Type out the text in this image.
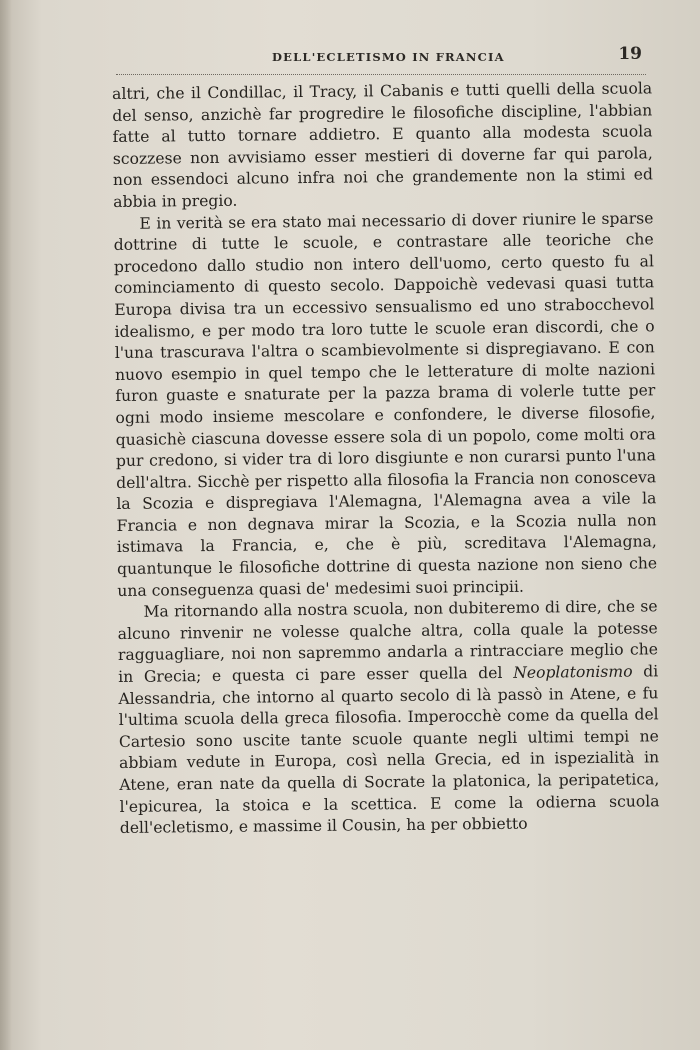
DELL'ECLETISMO IN FRANCIA	19

altri, che il Condillac, il Tracy, il Cabanis e tutti quelli della scuola del senso, anzichè far progredire le filosofiche discipline, l'abbian fatte al tutto tornare addietro. E quanto alla modesta scuola scozzese non avvisiamo esser mestieri di doverne far qui parola, non essendoci alcuno infra noi che grandemente non la stimi ed abbia in pregio.

E in verità se era stato mai necessario di dover riunire le sparse dottrine di tutte le scuole, e contrastare alle teoriche che procedono dallo studio non intero dell'uomo, certo questo fu al cominciamento di questo secolo. Dappoichè vedevasi quasi tutta Europa divisa tra un eccessivo sensualismo ed uno strabocchevol idealismo, e per modo tra loro tutte le scuole eran discordi, che o l'una trascurava l'altra o scambievolmente si dispregiavano. E con nuovo esempio in quel tempo che le letterature di molte nazioni furon guaste e snaturate per la pazza brama di volerle tutte per ogni modo insieme mescolare e confondere, le diverse filosofie, quasichè ciascuna dovesse essere sola di un popolo, come molti ora pur credono, si vider tra di loro disgiunte e non curarsi punto l'una dell'altra. Sicchè per rispetto alla filosofia la Francia non conosceva la Scozia e dispregiava l'Alemagna, l'Alemagna avea a vile la Francia e non degnava mirar la Scozia, e la Scozia nulla non istimava la Francia, e, che è più, screditava l'Alemagna, quantunque le filosofiche dottrine di questa nazione non sieno che una conseguenza quasi de' medesimi suoi principii.

Ma ritornando alla nostra scuola, non dubiteremo di dire, che se alcuno rinvenir ne volesse qualche altra, colla quale la potesse ragguagliare, noi non sapremmo andarla a rintracciare meglio che in Grecia; e questa ci pare esser quella del Neoplatonismo di Alessandria, che intorno al quarto secolo di là passò in Atene, e fu l'ultima scuola della greca filosofia. Imperocchè come da quella del Cartesio sono uscite tante scuole quante negli ultimi tempi ne abbiam vedute in Europa, così nella Grecia, ed in ispezialità in Atene, eran nate da quella di Socrate la platonica, la peripatetica, l'epicurea, la stoica e la scettica. E come la odierna scuola dell'ecletismo, e massime il Cousin, ha per obbietto
